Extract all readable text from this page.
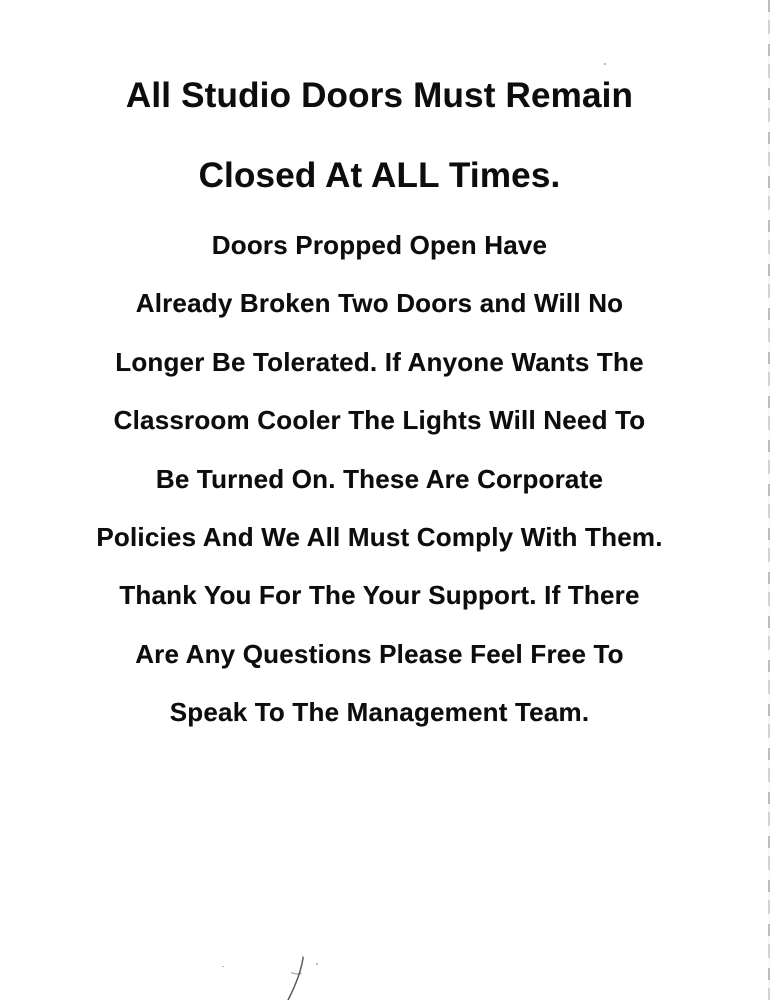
All Studio Doors Must Remain
Closed At ALL Times.
Doors Propped Open Have
Already Broken Two Doors and Will No
Longer Be Tolerated. If Anyone Wants The
Classroom Cooler The Lights Will Need To
Be Turned On. These Are Corporate
Policies And We All Must Comply With Them.
Thank You For The Your Support. If There
Are Any Questions Please Feel Free To
Speak To The Management Team.
